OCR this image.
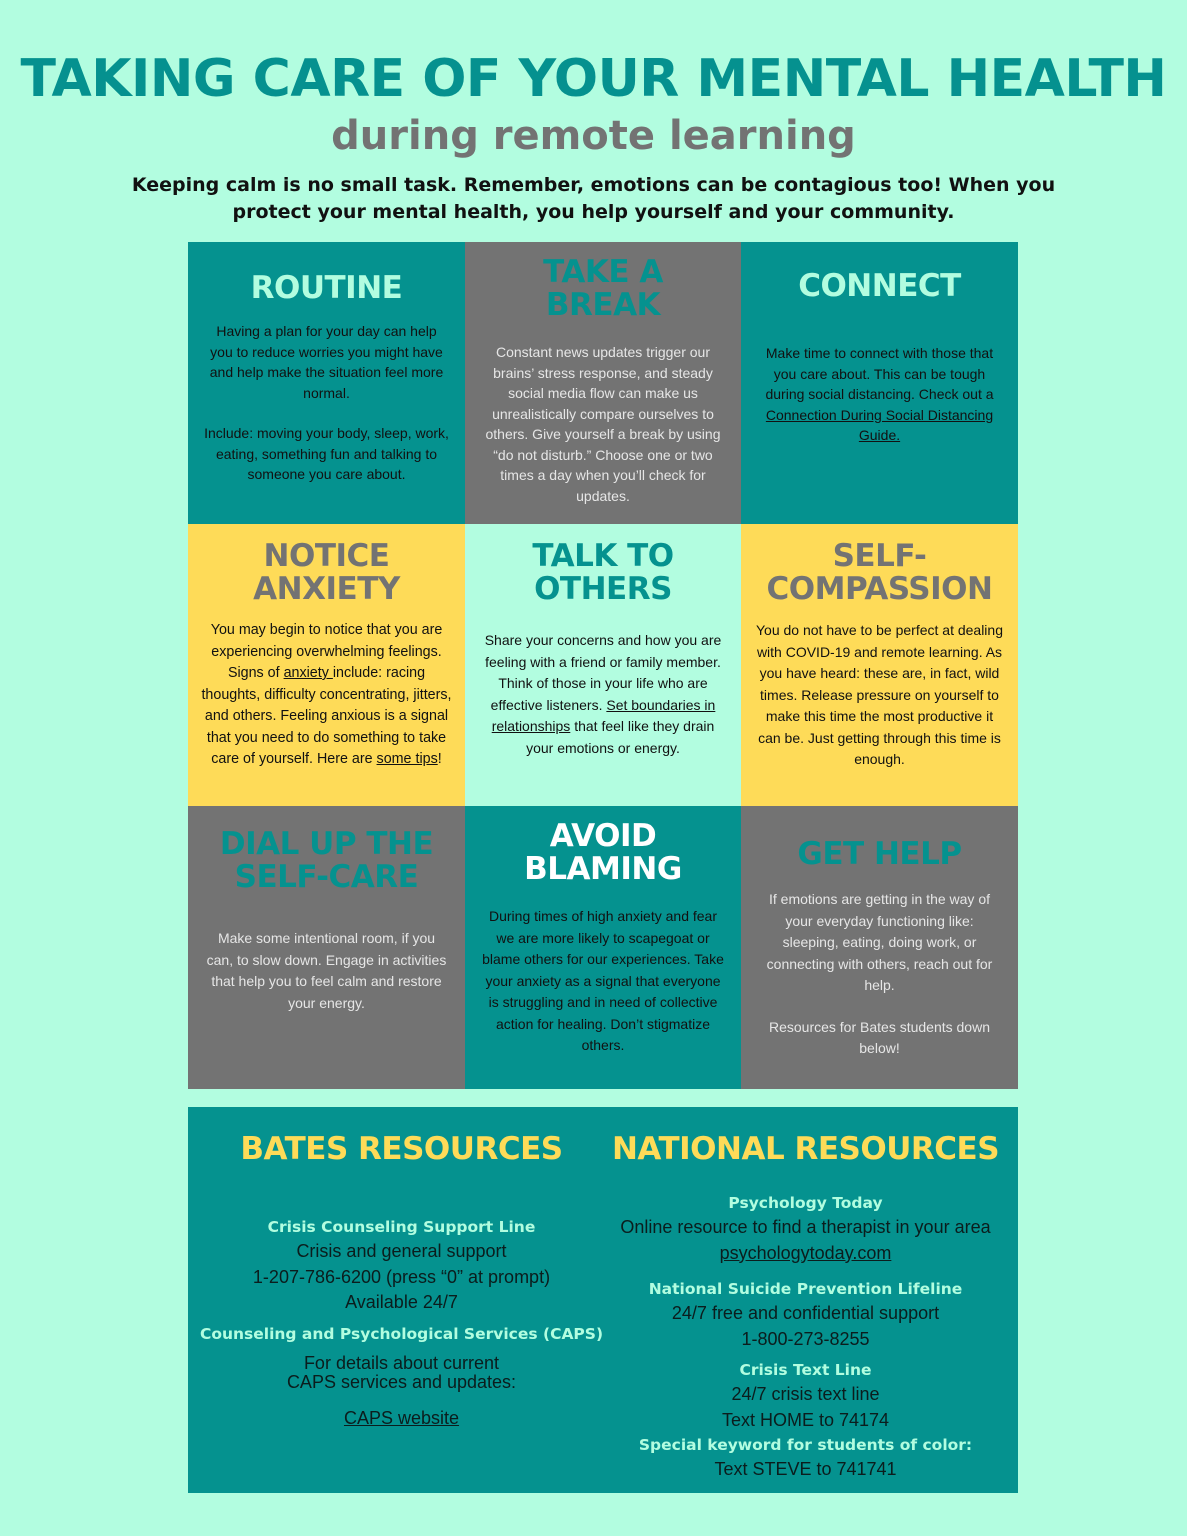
TAKING CARE OF YOUR MENTAL HEALTH
during remote learning
Keeping calm is no small task. Remember, emotions can be contagious too! When you protect your mental health, you help yourself and your community.
ROUTINE

Having a plan for your day can help you to reduce worries you might have and help make the situation feel more normal.

Include: moving your body, sleep, work, eating, something fun and talking to someone you care about.

TAKE A
BREAK

Constant news updates trigger our brains’ stress response, and steady social media flow can make us unrealistically compare ourselves to others. Give yourself a break by using “do not disturb.” Choose one or two times a day when you’ll check for updates.

CONNECT

Make time to connect with those that you care about. This can be tough during social distancing. Check out a Connection During Social Distancing Guide.

NOTICE
ANXIETY

You may begin to notice that you are experiencing overwhelming feelings. Signs of anxiety include: racing thoughts, difficulty concentrating, jitters, and others. Feeling anxious is a signal that you need to do something to take care of yourself. Here are some tips!

TALK TO
OTHERS

Share your concerns and how you are feeling with a friend or family member. Think of those in your life who are effective listeners. Set boundaries in relationships that feel like they drain your emotions or energy.

SELF-
COMPASSION

You do not have to be perfect at dealing with COVID-19 and remote learning. As you have heard: these are, in fact, wild times. Release pressure on yourself to make this time the most productive it can be. Just getting through this time is enough.

DIAL UP THE
SELF-CARE

Make some intentional room, if you can, to slow down. Engage in activities that help you to feel calm and restore your energy.

AVOID
BLAMING

During times of high anxiety and fear we are more likely to scapegoat or blame others for our experiences. Take your anxiety as a signal that everyone is struggling and in need of collective action for healing. Don’t stigmatize others.

GET HELP

If emotions are getting in the way of your everyday functioning like: sleeping, eating, doing work, or connecting with others, reach out for help.

Resources for Bates students down below!

BATES RESOURCES
Crisis Counseling Support Line
Crisis and general support
1-207-786-6200 (press “0” at prompt)
Available 24/7
Counseling and Psychological Services (CAPS)
For details about current
CAPS services and updates:
CAPS website
NATIONAL RESOURCES
Psychology Today
Online resource to find a therapist in your area
psychologytoday.com
National Suicide Prevention Lifeline
24/7 free and confidential support
1-800-273-8255
Crisis Text Line
24/7 crisis text line
Text HOME to 74174
Special keyword for students of color:
Text STEVE to 741741
